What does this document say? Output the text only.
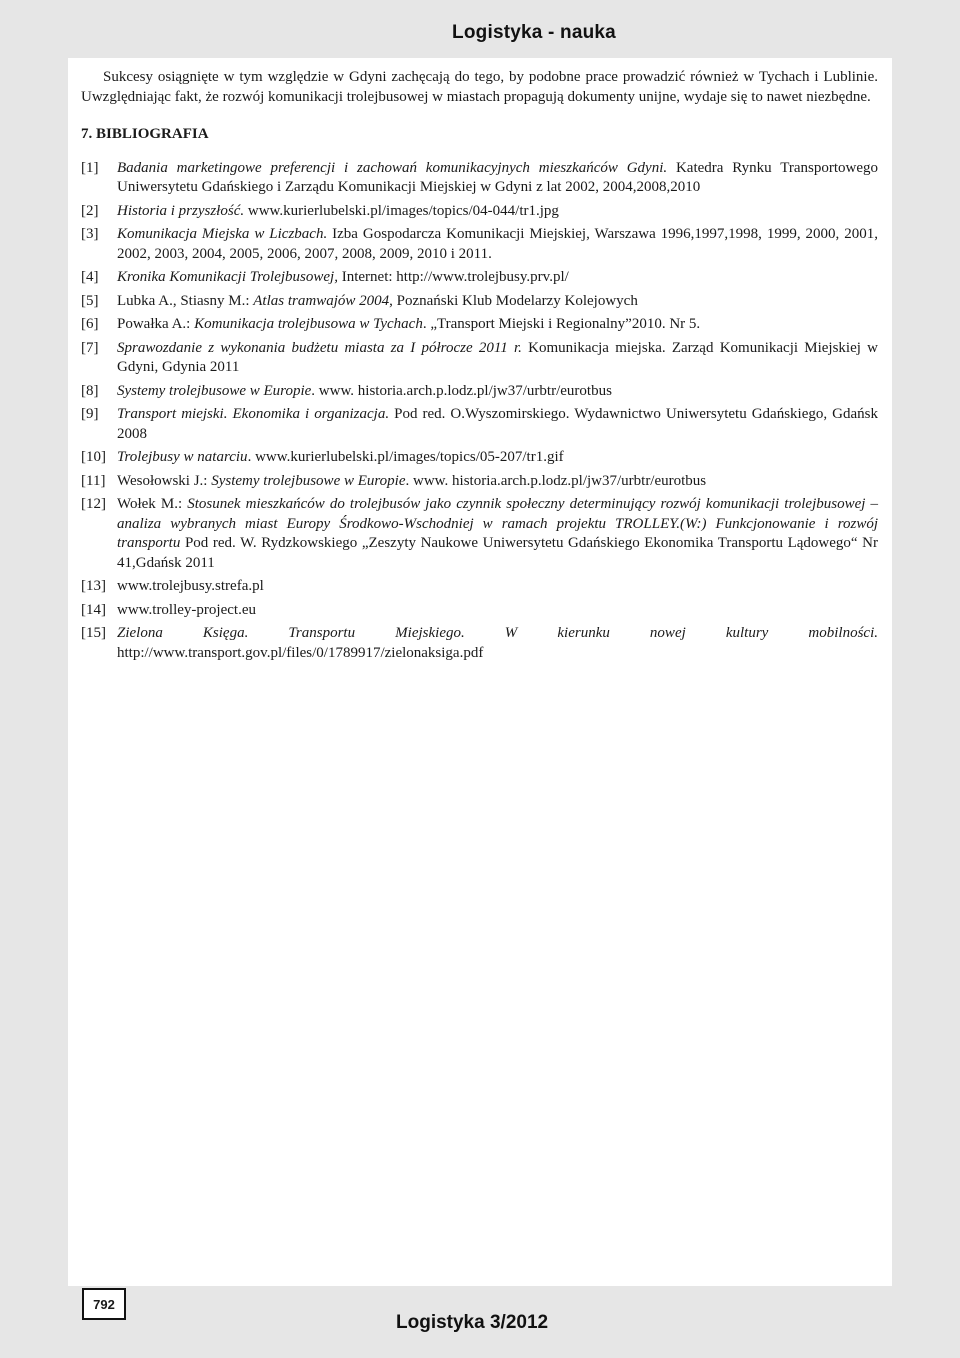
Logistyka - nauka

Sukcesy osiągnięte w tym względzie w Gdyni zachęcają do tego, by podobne prace prowadzić również w Tychach i Lublinie. Uwzględniając fakt, że rozwój komunikacji trolejbusowej w miastach propagują dokumenty unijne, wydaje się to nawet niezbędne.

7. BIBLIOGRAFIA
[1]	Badania marketingowe preferencji i zachowań komunikacyjnych mieszkańców Gdyni. Katedra Rynku Transportowego Uniwersytetu Gdańskiego i Zarządu Komunikacji Miejskiej w Gdyni z lat 2002, 2004,2008,2010
[2]	Historia i przyszłość. www.kurierlubelski.pl/images/topics/04-044/tr1.jpg
[3]	Komunikacja Miejska w Liczbach. Izba Gospodarcza Komunikacji Miejskiej, Warszawa 1996,1997,1998, 1999, 2000, 2001, 2002, 2003, 2004, 2005, 2006, 2007, 2008, 2009, 2010 i 2011.
[4]	Kronika Komunikacji Trolejbusowej, Internet: http://www.trolejbusy.prv.pl/
[5]	Lubka A., Stiasny M.: Atlas tramwajów 2004, Poznański Klub Modelarzy Kolejowych
[6]	Powałka A.: Komunikacja trolejbusowa w Tychach. „Transport Miejski i Regionalny”2010. Nr 5.
[7]	Sprawozdanie z wykonania budżetu miasta za I półrocze 2011 r. Komunikacja miejska. Zarząd Komunikacji Miejskiej w Gdyni, Gdynia 2011
[8]	Systemy trolejbusowe w Europie. www. historia.arch.p.lodz.pl/jw37/urbtr/eurotbus
[9]	Transport miejski. Ekonomika i organizacja. Pod red. O.Wyszomirskiego. Wydawnictwo Uniwersytetu Gdańskiego, Gdańsk 2008
[10] Trolejbusy w natarciu. www.kurierlubelski.pl/images/topics/05-207/tr1.gif
[11] Wesołowski J.: Systemy trolejbusowe w Europie. www. historia.arch.p.lodz.pl/jw37/urbtr/eurotbus
[12] Wołek M.: Stosunek mieszkańców do trolejbusów jako czynnik społeczny determinujący rozwój komunikacji trolejbusowej – analiza wybranych miast Europy Środkowo-Wschodniej w ramach projektu TROLLEY.(W:) Funkcjonowanie i rozwój transportu Pod red. W. Rydzkowskiego „Zeszyty Naukowe Uniwersytetu Gdańskiego Ekonomika Transportu Lądowego“ Nr 41,Gdańsk 2011
[13] www.trolejbusy.strefa.pl
[14] www.trolley-project.eu
[15] Zielona Księga. Transportu Miejskiego. W kierunku nowej kultury mobilności. http://www.transport.gov.pl/files/0/1789917/zielonaksiga.pdf
792
Logistyka 3/2012
